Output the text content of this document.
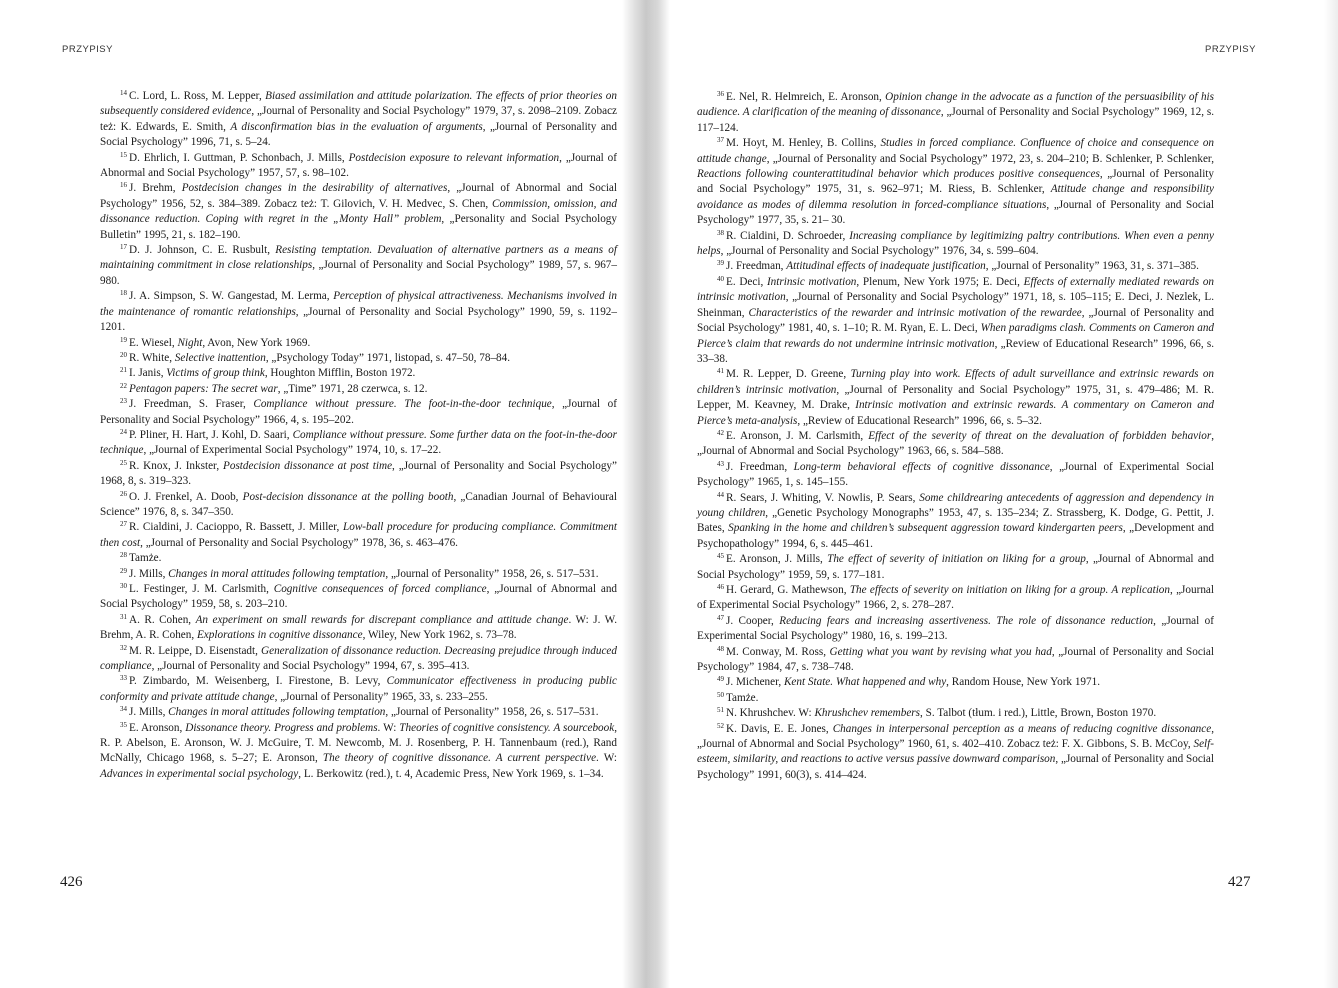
PRZYPISY	PRZYPISY

$^{14}$ C. Lord, L. Ross, M. Lepper, Biased assimilation and attitude polarization. The effects of prior theories on subsequently considered evidence, „Journal of Personality and Social Psychology” 1979, 37, s. 2098–2109. Zobacz też: K. Edwards, E. Smith, A disconfirmation bias in the evaluation of arguments, „Journal of Personality and Social Psychology” 1996, 71, s. 5–24.

$^{15}$ D. Ehrlich, I. Guttman, P. Schonbach, J. Mills, Postdecision exposure to relevant information, „Journal of Abnormal and Social Psychology” 1957, 57, s. 98–102.

$^{16}$ J. Brehm, Postdecision changes in the desirability of alternatives, „Journal of Abnormal and Social Psychology” 1956, 52, s. 384–389. Zobacz też: T. Gilovich, V. H. Medvec, S. Chen, Commission, omission, and dissonance reduction. Coping with regret in the „Monty Hall” problem, „Personality and Social Psychology Bulletin” 1995, 21, s. 182–190.

$^{17}$ D. J. Johnson, C. E. Rusbult, Resisting temptation. Devaluation of alternative partners as a means of maintaining commitment in close relationships, „Journal of Personality and Social Psychology” 1989, 57, s. 967–980.

$^{18}$ J. A. Simpson, S. W. Gangestad, M. Lerma, Perception of physical attractiveness. Mechanisms involved in the maintenance of romantic relationships, „Journal of Personality and Social Psychology” 1990, 59, s. 1192–1201.

$^{19}$ E. Wiesel, Night, Avon, New York 1969.

$^{20}$ R. White, Selective inattention, „Psychology Today” 1971, listopad, s. 47–50, 78–84.

$^{21}$ I. Janis, Victims of group think, Houghton Mifflin, Boston 1972.

$^{22}$ Pentagon papers: The secret war, „Time” 1971, 28 czerwca, s. 12.

$^{23}$ J. Freedman, S. Fraser, Compliance without pressure. The foot-in-the-door technique, „Journal of Personality and Social Psychology” 1966, 4, s. 195–202.

$^{24}$ P. Pliner, H. Hart, J. Kohl, D. Saari, Compliance without pressure. Some further data on the foot-in-the-door technique, „Journal of Experimental Social Psychology” 1974, 10, s. 17–22.

$^{25}$ R. Knox, J. Inkster, Postdecision dissonance at post time, „Journal of Personality and Social Psychology” 1968, 8, s. 319–323.

$^{26}$ O. J. Frenkel, A. Doob, Post-decision dissonance at the polling booth, „Canadian Journal of Behavioural Science” 1976, 8, s. 347–350.

$^{27}$ R. Cialdini, J. Cacioppo, R. Bassett, J. Miller, Low-ball procedure for producing compliance. Commitment then cost, „Journal of Personality and Social Psychology” 1978, 36, s. 463–476.

$^{28}$ Tamże.

$^{29}$ J. Mills, Changes in moral attitudes following temptation, „Journal of Personality” 1958, 26, s. 517–531.

$^{30}$ L. Festinger, J. M. Carlsmith, Cognitive consequences of forced compliance, „Journal of Abnormal and Social Psychology” 1959, 58, s. 203–210.

$^{31}$ A. R. Cohen, An experiment on small rewards for discrepant compliance and attitude change. W: J. W. Brehm, A. R. Cohen, Explorations in cognitive dissonance, Wiley, New York 1962, s. 73–78.

$^{32}$ M. R. Leippe, D. Eisenstadt, Generalization of dissonance reduction. Decreasing prejudice through induced compliance, „Journal of Personality and Social Psychology” 1994, 67, s. 395–413.

$^{33}$ P. Zimbardo, M. Weisenberg, I. Firestone, B. Levy, Communicator effectiveness in producing public conformity and private attitude change, „Journal of Personality” 1965, 33, s. 233–255.

$^{34}$ J. Mills, Changes in moral attitudes following temptation, „Journal of Personality” 1958, 26, s. 517–531.

$^{35}$ E. Aronson, Dissonance theory. Progress and problems. W: Theories of cognitive consistency. A sourcebook, R. P. Abelson, E. Aronson, W. J. McGuire, T. M. Newcomb, M. J. Rosenberg, P. H. Tannenbaum (red.), Rand McNally, Chicago 1968, s. 5–27; E. Aronson, The theory of cognitive dissonance. A current perspective. W: Advances in experimental social psychology, L. Berkowitz (red.), t. 4, Academic Press, New York 1969, s. 1–34.

$^{36}$ E. Nel, R. Helmreich, E. Aronson, Opinion change in the advocate as a function of the persuasibility of his audience. A clarification of the meaning of dissonance, „Journal of Personality and Social Psychology” 1969, 12, s. 117–124.

$^{37}$ M. Hoyt, M. Henley, B. Collins, Studies in forced compliance. Confluence of choice and consequence on attitude change, „Journal of Personality and Social Psychology” 1972, 23, s. 204–210; B. Schlenker, P. Schlenker, Reactions following counterattitudinal behavior which produces positive consequences, „Journal of Personality and Social Psychology” 1975, 31, s. 962–971; M. Riess, B. Schlenker, Attitude change and responsibility avoidance as modes of dilemma resolution in forced-compliance situations, „Journal of Personality and Social Psychology” 1977, 35, s. 21– 30.

$^{38}$ R. Cialdini, D. Schroeder, Increasing compliance by legitimizing paltry contributions. When even a penny helps, „Journal of Personality and Social Psychology” 1976, 34, s. 599–604.

$^{39}$ J. Freedman, Attitudinal effects of inadequate justification, „Journal of Personality” 1963, 31, s. 371–385.

$^{40}$ E. Deci, Intrinsic motivation, Plenum, New York 1975; E. Deci, Effects of externally mediated rewards on intrinsic motivation, „Journal of Personality and Social Psychology” 1971, 18, s. 105–115; E. Deci, J. Nezlek, L. Sheinman, Characteristics of the rewarder and intrinsic motivation of the rewardee, „Journal of Personality and Social Psychology” 1981, 40, s. 1–10; R. M. Ryan, E. L. Deci, When paradigms clash. Comments on Cameron and Pierce’s claim that rewards do not undermine intrinsic motivation, „Review of Educational Research” 1996, 66, s. 33–38.

$^{41}$ M. R. Lepper, D. Greene, Turning play into work. Effects of adult surveillance and extrinsic rewards on children’s intrinsic motivation, „Journal of Personality and Social Psychology” 1975, 31, s. 479–486; M. R. Lepper, M. Keavney, M. Drake, Intrinsic motivation and extrinsic rewards. A commentary on Cameron and Pierce’s meta-analysis, „Review of Educational Research” 1996, 66, s. 5–32.

$^{42}$ E. Aronson, J. M. Carlsmith, Effect of the severity of threat on the devaluation of forbidden behavior, „Journal of Abnormal and Social Psychology” 1963, 66, s. 584–588.

$^{43}$ J. Freedman, Long-term behavioral effects of cognitive dissonance, „Journal of Experimental Social Psychology” 1965, 1, s. 145–155.

$^{44}$ R. Sears, J. Whiting, V. Nowlis, P. Sears, Some childrearing antecedents of aggression and dependency in young children, „Genetic Psychology Monographs” 1953, 47, s. 135–234; Z. Strassberg, K. Dodge, G. Pettit, J. Bates, Spanking in the home and children’s subsequent aggression toward kindergarten peers, „Development and Psychopathology” 1994, 6, s. 445–461.

$^{45}$ E. Aronson, J. Mills, The effect of severity of initiation on liking for a group, „Journal of Abnormal and Social Psychology” 1959, 59, s. 177–181.

$^{46}$ H. Gerard, G. Mathewson, The effects of severity on initiation on liking for a group. A replication, „Journal of Experimental Social Psychology” 1966, 2, s. 278–287.

$^{47}$ J. Cooper, Reducing fears and increasing assertiveness. The role of dissonance reduction, „Journal of Experimental Social Psychology” 1980, 16, s. 199–213.

$^{48}$ M. Conway, M. Ross, Getting what you want by revising what you had, „Journal of Personality and Social Psychology” 1984, 47, s. 738–748.

$^{49}$ J. Michener, Kent State. What happened and why, Random House, New York 1971.

$^{50}$ Tamże.

$^{51}$ N. Khrushchev. W: Khrushchev remembers, S. Talbot (tłum. i red.), Little, Brown, Boston 1970.

$^{52}$ K. Davis, E. E. Jones, Changes in interpersonal perception as a means of reducing cognitive dissonance, „Journal of Abnormal and Social Psychology” 1960, 61, s. 402–410. Zobacz też: F. X. Gibbons, S. B. McCoy, Self-esteem, similarity, and reactions to active versus passive downward comparison, „Journal of Personality and Social Psychology” 1991, 60(3), s. 414–424.

426	427
